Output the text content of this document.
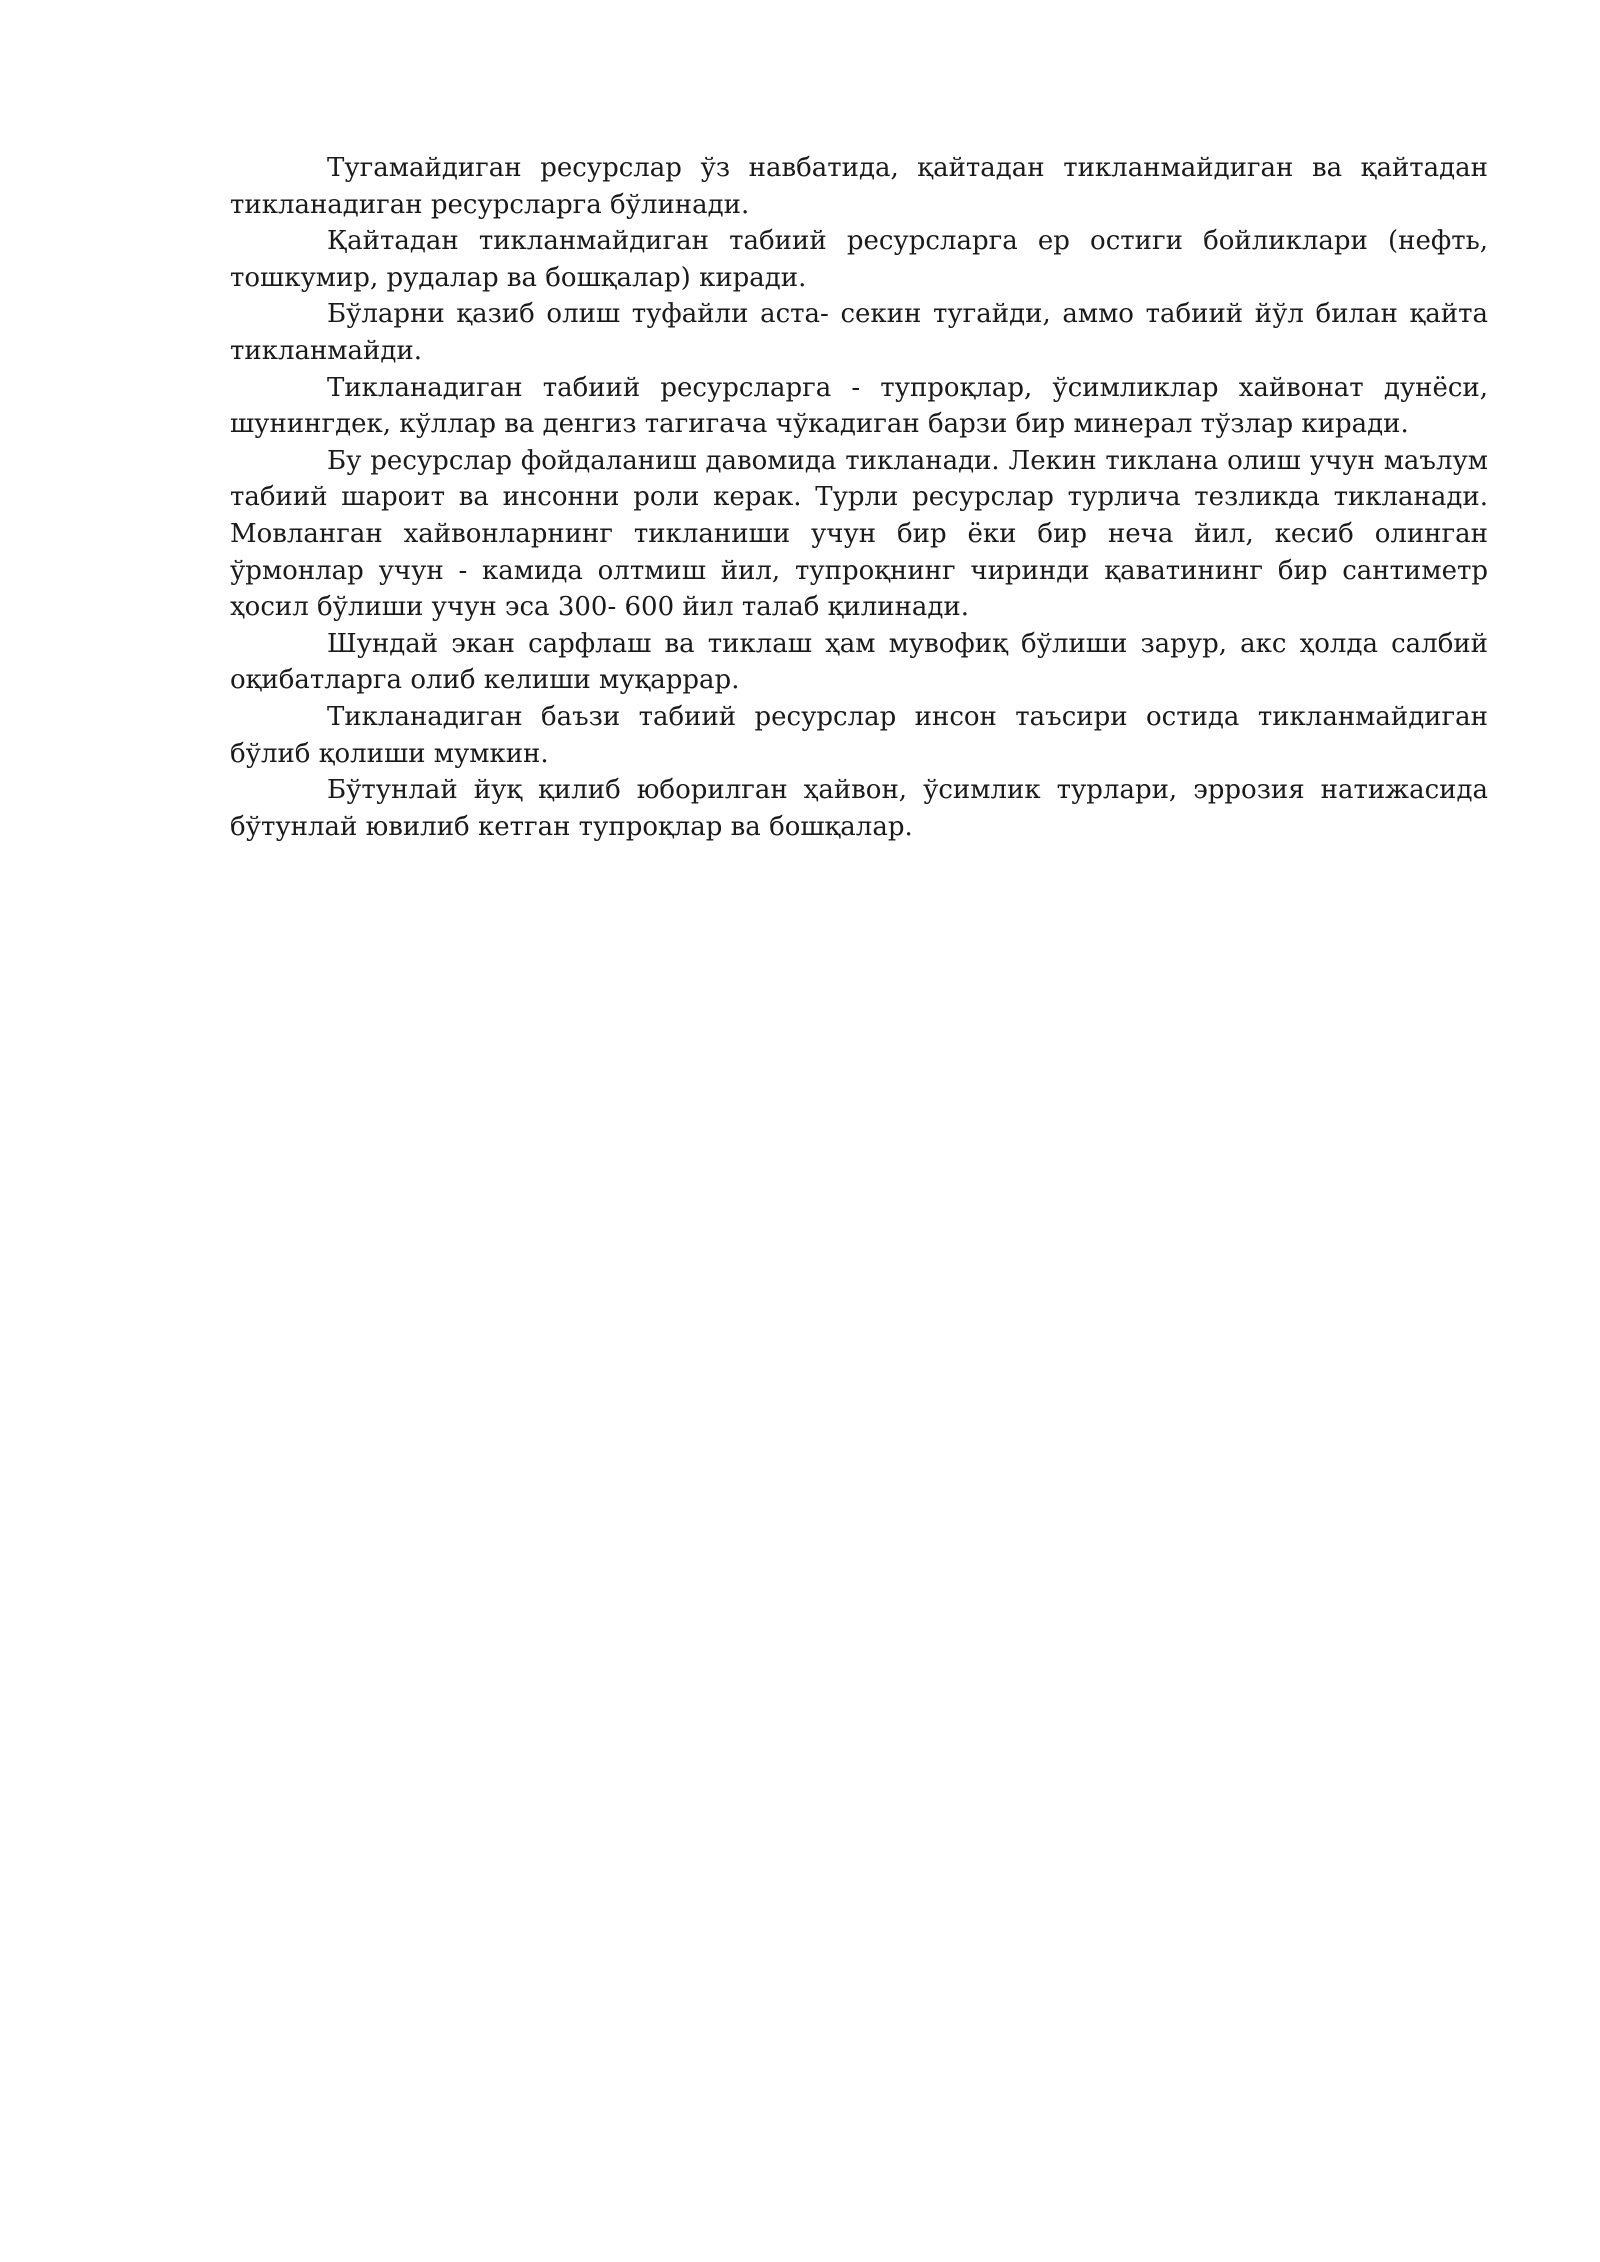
Тугамайдиган ресурслар ўз навбатида, қайтадан тикланмайдиган ва қайтадан тикланадиган ресурсларга бўлинади.

Қайтадан тикланмайдиган табиий ресурсларга ер остиги бойликлари (нефть, тошкумир, рудалар ва бошқалар) киради.

Бўларни қазиб олиш туфайли аста- секин тугайди, аммо табиий йўл билан қайта тикланмайди.

Тикланадиган табиий ресурсларга - тупроқлар, ўсимликлар хайвонат дунёси, шунингдек, кўллар ва денгиз тагигача чўкадиган барзи бир минерал тўзлар киради.

Бу ресурслар фойдаланиш давомида тикланади. Лекин тиклана олиш учун маълум табиий шароит ва инсонни роли керак. Турли ресурслар турлича тезликда тикланади. Мовланган хайвонларнинг тикланиши учун бир ёки бир неча йил, кесиб олинган ўрмонлар учун - камида олтмиш йил, тупроқнинг чиринди қаватининг бир сантиметр ҳосил бўлиши учун эса 300- 600 йил талаб қилинади.

Шундай экан сарфлаш ва тиклаш ҳам мувофиқ бўлиши зарур, акс ҳолда салбий оқибатларга олиб келиши муқаррар.

Тикланадиган баъзи табиий ресурслар инсон таъсири остида тикланмайдиган бўлиб қолиши мумкин.

Бўтунлай йуқ қилиб юборилган ҳайвон, ўсимлик турлари, эррозия натижасида бўтунлай ювилиб кетган тупроқлар ва бошқалар.
